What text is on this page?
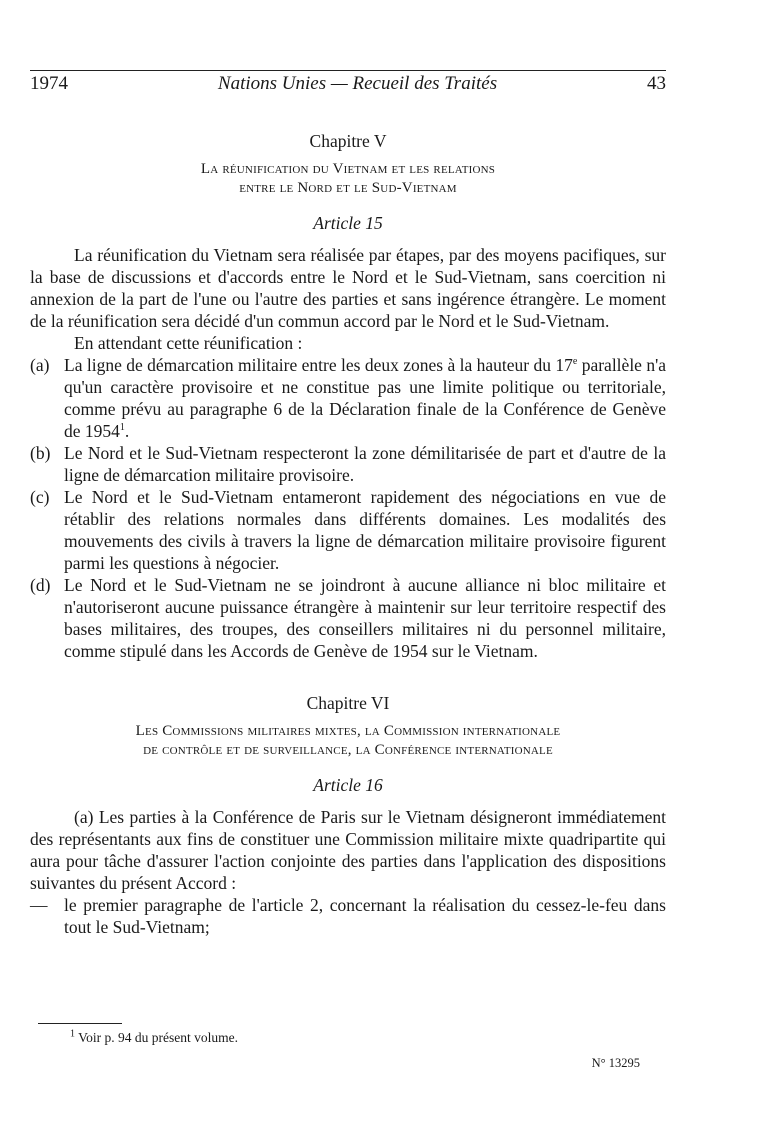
1974	Nations Unies — Recueil des Traités	43

Chapitre V

La réunification du Vietnam et les relations
entre le Nord et le Sud-Vietnam

Article 15

La réunification du Vietnam sera réalisée par étapes, par des moyens pacifiques, sur la base de discussions et d'accords entre le Nord et le Sud-Vietnam, sans coercition ni annexion de la part de l'une ou l'autre des parties et sans ingérence étrangère. Le moment de la réunification sera décidé d'un commun accord par le Nord et le Sud-Vietnam.

En attendant cette réunification :

(a) La ligne de démarcation militaire entre les deux zones à la hauteur du 17e parallèle n'a qu'un caractère provisoire et ne constitue pas une limite politique ou territoriale, comme prévu au paragraphe 6 de la Déclaration finale de la Conférence de Genève de 1954$^1$.
(b) Le Nord et le Sud-Vietnam respecteront la zone démilitarisée de part et d'autre de la ligne de démarcation militaire provisoire.
(c) Le Nord et le Sud-Vietnam entameront rapidement des négociations en vue de rétablir des relations normales dans différents domaines. Les modalités des mouvements des civils à travers la ligne de démarcation militaire provisoire figurent parmi les questions à négocier.
(d) Le Nord et le Sud-Vietnam ne se joindront à aucune alliance ni bloc militaire et n'autoriseront aucune puissance étrangère à maintenir sur leur territoire respectif des bases militaires, des troupes, des conseillers militaires ni du personnel militaire, comme stipulé dans les Accords de Genève de 1954 sur le Vietnam.

Chapitre VI

Les Commissions militaires mixtes, la Commission internationale
de contrôle et de surveillance, la Conférence internationale

Article 16

(a) Les parties à la Conférence de Paris sur le Vietnam désigneront immédiatement des représentants aux fins de constituer une Commission militaire mixte quadripartite qui aura pour tâche d'assurer l'action conjointe des parties dans l'application des dispositions suivantes du présent Accord :

— le premier paragraphe de l'article 2, concernant la réalisation du cessez-le-feu dans tout le Sud-Vietnam;
$^1$ Voir p. 94 du présent volume.
N° 13295
